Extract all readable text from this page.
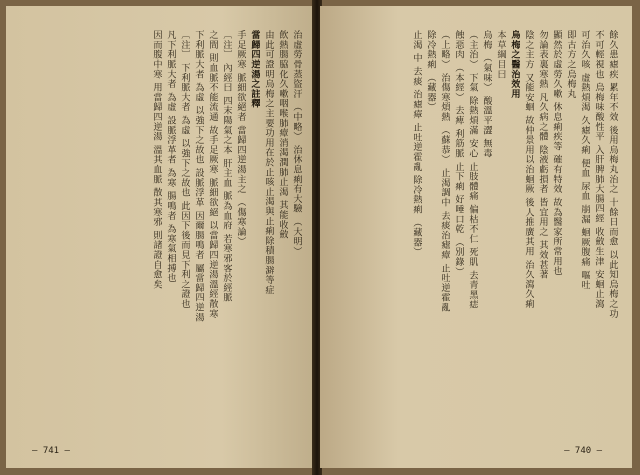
治虛勞骨蒸盜汗 （中略） 治休息痢有大驗 （大明）
飲熱腸脇化久嗽咽喉肺瘴消渴潤肺止渴 其能收斂
由此可證明烏梅之主要功用在於止咳止渴與止痢除積腸澼等症
當歸四逆湯之註釋
手足厥寒 脈細欲絕者 當歸四逆湯主之 （傷寒論）
〔注〕 內經曰 四末陽氣之本 肝主血 脈為血府 若寒邪客於經脈
之間 則血脈不能流通 故手足厥寒 脈細欲絕 以當歸四逆湯溫經散寒
下利脈大者 為虛 以強下之故也 設脈浮革 因爾腸鳴者 屬當歸四逆湯
〔注〕 下利脈大者 為虛 以強下之故也 此因下後而見下利之證也
凡下利脈大者 為虛 設脈浮革者 為寒 腸鳴者 為寒氣相搏也
因而腹中寒 用當歸四逆湯 溫其血脈 散其寒邪 則諸證自愈矣
— 741 —
餘久患瘧疾 累年不效 後用烏梅丸治之 十餘日而愈 以此知烏梅之功
不可輕視也 烏梅味酸性平 入肝脾肺大腸四經 收斂生津 安蛔止瀉
可治久咳 虛熱煩渴 久瘧久痢 便血 尿血 崩漏 蛔厥腹痛 嘔吐
即古方之烏梅丸
顯然於虛勞久嗽 休息痢疾等 確有特效 故為醫家所常用也
勿論表裏寒熱 凡久病之體 陰液虧損者 皆宜用之 其效甚著
陰之主方 又能安蛔 故仲景用以治蛔厥 後人推廣其用 治久瀉久痢
烏梅之醫治效用
本草綱目曰
烏梅 （氣味） 酸溫平澀 無毒
（主治） 下氣 除熱煩滿 安心 止肢體痛 偏枯不仁 死肌 去青黑痣
蝕惡肉 （本經） 去痺 利筋脈 止下痢 好唾口乾 （別錄）
（上略） 治傷寒煩熱 （蘇恭） 止渴調中 去痰治瘧瘴 止吐逆霍亂
除冷熱痢 （藏器）
止渴 中 去痰 治瘧瘴 止吐逆霍亂 除冷熱痢 （藏器）
— 740 —
